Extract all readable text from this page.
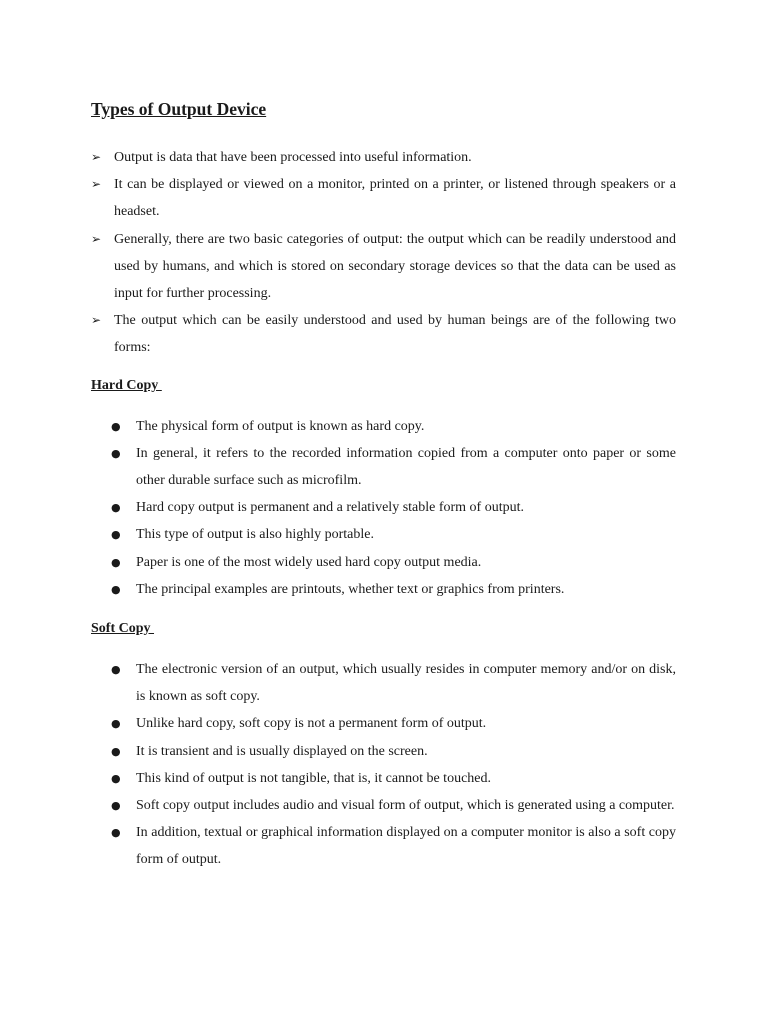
Types of Output Device
➢ Output is data that have been processed into useful information.
➢ It can be displayed or viewed on a monitor, printed on a printer, or listened through speakers or a headset.
➢ Generally, there are two basic categories of output: the output which can be readily understood and used by humans, and which is stored on secondary storage devices so that the data can be used as input for further processing.
➢ The output which can be easily understood and used by human beings are of the following two forms:
Hard Copy
● The physical form of output is known as hard copy.
● In general, it refers to the recorded information copied from a computer onto paper or some other durable surface such as microfilm.
● Hard copy output is permanent and a relatively stable form of output.
● This type of output is also highly portable.
● Paper is one of the most widely used hard copy output media.
● The principal examples are printouts, whether text or graphics from printers.
Soft Copy
● The electronic version of an output, which usually resides in computer memory and/or on disk, is known as soft copy.
● Unlike hard copy, soft copy is not a permanent form of output.
● It is transient and is usually displayed on the screen.
● This kind of output is not tangible, that is, it cannot be touched.
● Soft copy output includes audio and visual form of output, which is generated using a computer.
● In addition, textual or graphical information displayed on a computer monitor is also a soft copy form of output.
